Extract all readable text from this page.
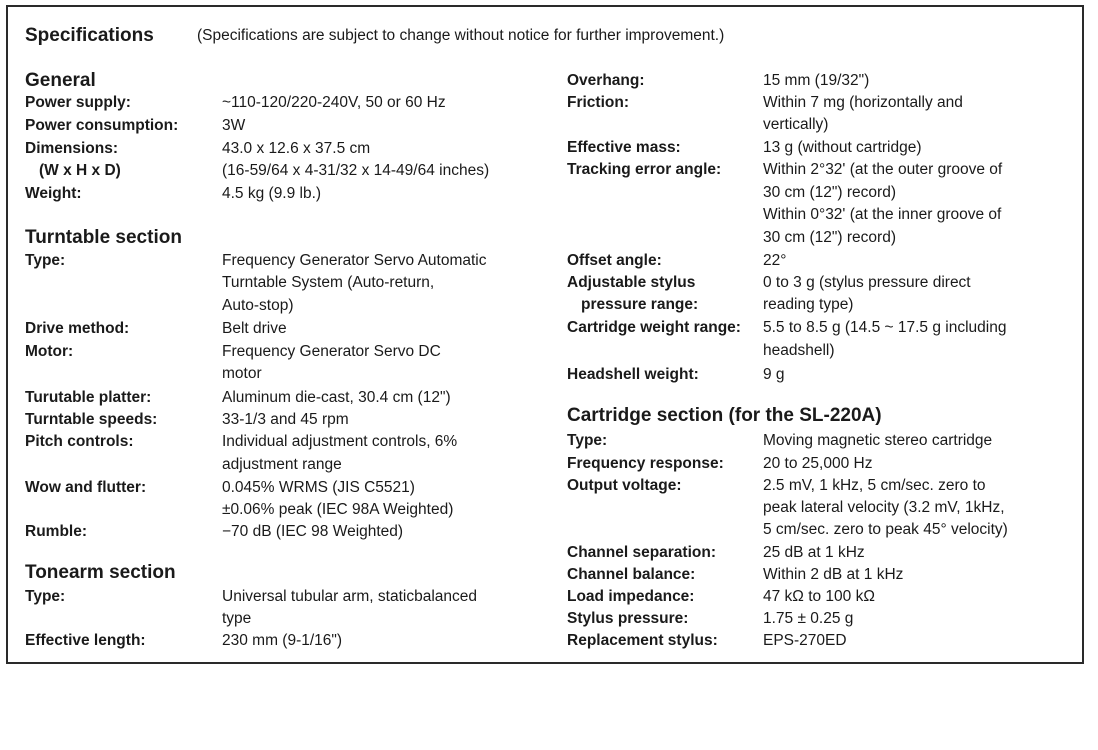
Specifications	(Specifications are subject to change without notice for further improvement.)
General
Power supply:	~110-120/220-240V, 50 or 60 Hz
Power consumption:	3W
Dimensions:	43.0 x 12.6 x 37.5 cm
(W x H x D)	(16-59/64 x 4-31/32 x 14-49/64 inches)
Weight:	4.5 kg (9.9 lb.)
Turntable section
Type:	Frequency Generator Servo Automatic
Turntable System (Auto-return,
Auto-stop)
Drive method:	Belt drive
Motor:	Frequency Generator Servo DC
motor
Turutable platter:	Aluminum die-cast, 30.4 cm (12")
Turntable speeds:	33-1/3 and 45 rpm
Pitch controls:	Individual adjustment controls, 6%
adjustment range
Wow and flutter:	0.045% WRMS (JIS C5521)
±0.06% peak (IEC 98A Weighted)
Rumble:	−70 dB (IEC 98 Weighted)
Tonearm section
Type:	Universal tubular arm, staticbalanced
type
Effective length:	230 mm (9-1/16")
Overhang:	15 mm (19/32")
Friction:	Within 7 mg (horizontally and
vertically)
Effective mass:	13 g (without cartridge)
Tracking error angle:	Within 2°32' (at the outer groove of
30 cm (12") record)
Within 0°32' (at the inner groove of
30 cm (12") record)
Offset angle:	22°
Adjustable stylus	0 to 3 g (stylus pressure direct
pressure range:	reading type)
Cartridge weight range: 5.5 to 8.5 g (14.5 ~ 17.5 g including
headshell)
Headshell weight:	9 g
Cartridge section (for the SL-220A)
Type:	Moving magnetic stereo cartridge
Frequency response:	20 to 25,000 Hz
Output voltage:	2.5 mV, 1 kHz, 5 cm/sec. zero to
peak lateral velocity (3.2 mV, 1kHz,
5 cm/sec. zero to peak 45° velocity)
Channel separation:	25 dB at 1 kHz
Channel balance:	Within 2 dB at 1 kHz
Load impedance:	47 kΩ to 100 kΩ
Stylus pressure:	1.75 ± 0.25 g
Replacement stylus:	EPS-270ED
